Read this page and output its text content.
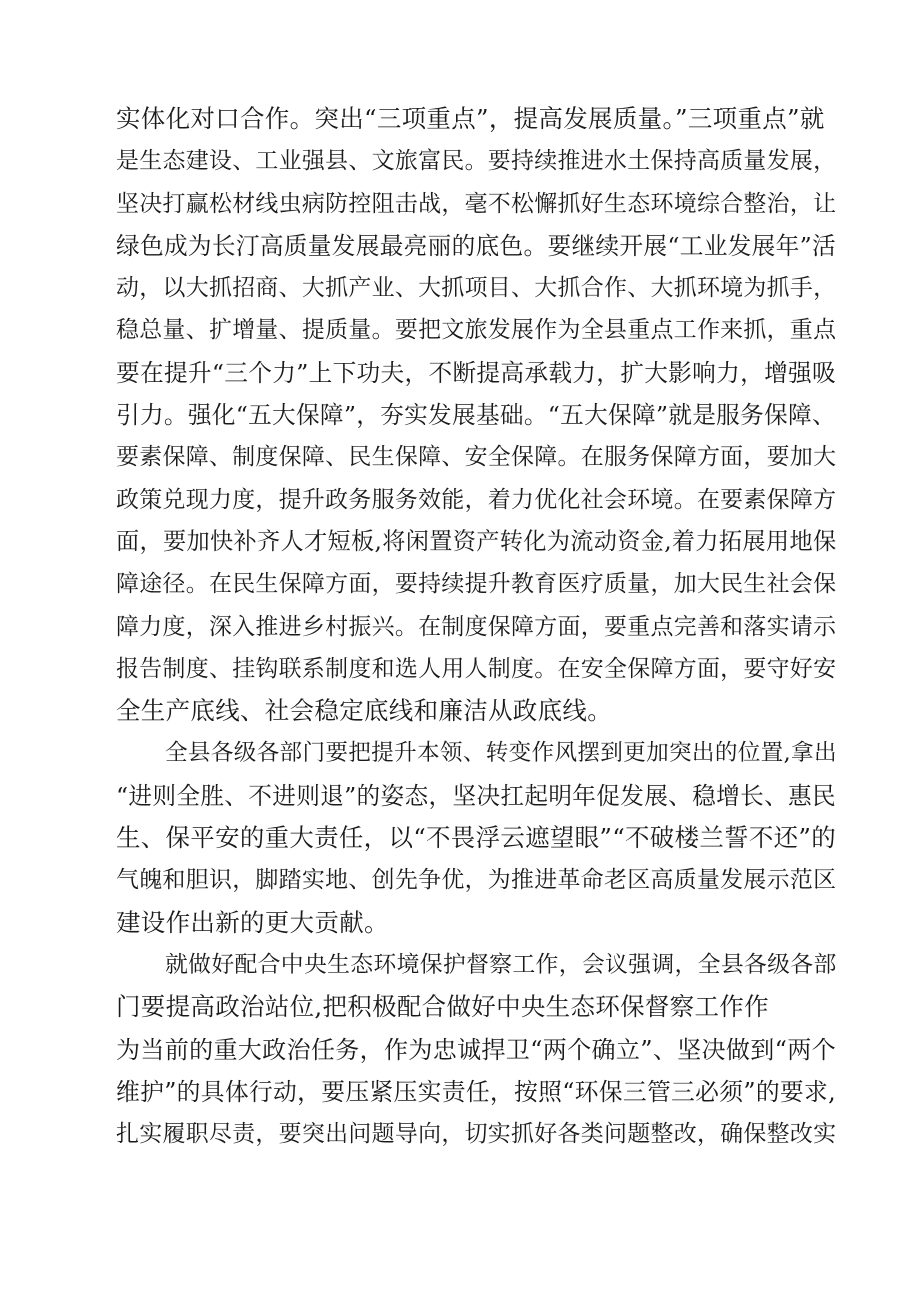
实体化对口合作。突出“三项重点”，提高发展质量。”三项重点”就
是生态建设、工业强县、文旅富民。要持续推进水土保持高质量发展，
坚决打赢松材线虫病防控阻击战，毫不松懈抓好生态环境综合整治，让
绿色成为长汀高质量发展最亮丽的底色。要继续开展“工业发展年”活
动，以大抓招商、大抓产业、大抓项目、大抓合作、大抓环境为抓手，
稳总量、扩增量、提质量。要把文旅发展作为全县重点工作来抓，重点
要在提升“三个力”上下功夫，不断提高承载力，扩大影响力，增强吸
引力。强化“五大保障”，夯实发展基础。“五大保障”就是服务保障、
要素保障、制度保障、民生保障、安全保障。在服务保障方面，要加大
政策兑现力度，提升政务服务效能，着力优化社会环境。在要素保障方
面，要加快补齐人才短板,将闲置资产转化为流动资金,着力拓展用地保
障途径。在民生保障方面，要持续提升教育医疗质量，加大民生社会保
障力度，深入推进乡村振兴。在制度保障方面，要重点完善和落实请示
报告制度、挂钩联系制度和选人用人制度。在安全保障方面，要守好安
全生产底线、社会稳定底线和廉洁从政底线。
全县各级各部门要把提升本领、转变作风摆到更加突出的位置,拿出
“进则全胜、不进则退”的姿态，坚决扛起明年促发展、稳增长、惠民
生、保平安的重大责任，以“不畏浮云遮望眼”“不破楼兰誓不还”的
气魄和胆识，脚踏实地、创先争优，为推进革命老区高质量发展示范区
建设作出新的更大贡献。
就做好配合中央生态环境保护督察工作，会议强调，全县各级各部
门要提高政治站位,把积极配合做好中央生态环保督察工作作
为当前的重大政治任务，作为忠诚捍卫“两个确立”、坚决做到“两个
维护”的具体行动，要压紧压实责任，按照“环保三管三必须”的要求,
扎实履职尽责，要突出问题导向，切实抓好各类问题整改，确保整改实
